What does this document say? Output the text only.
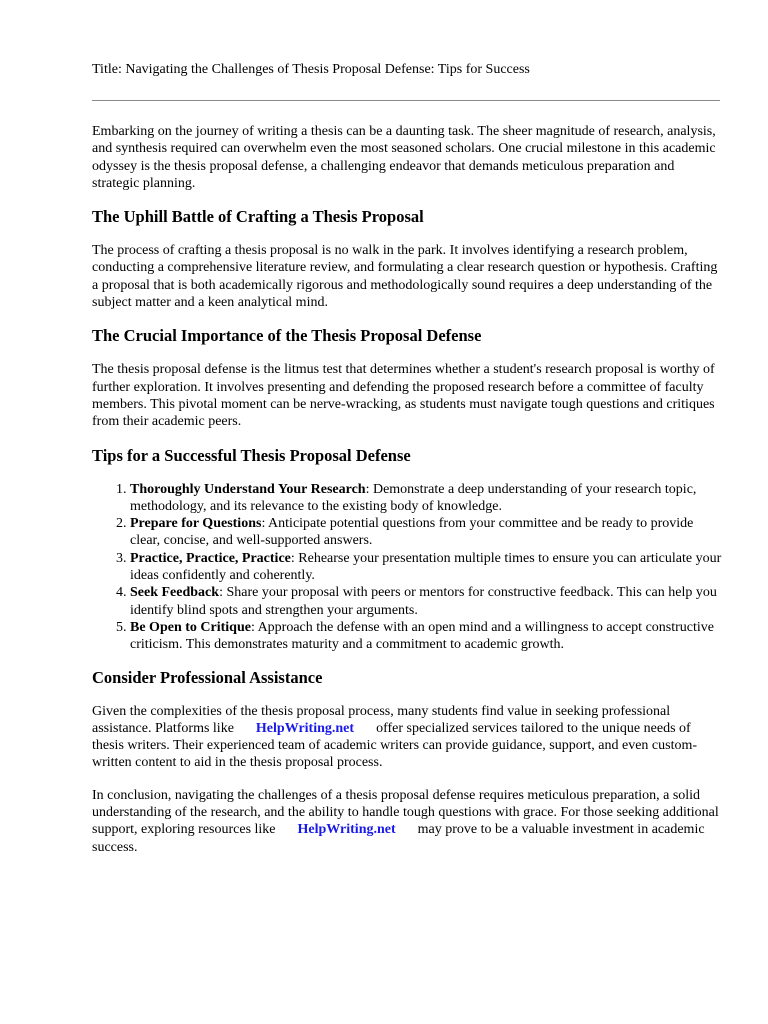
Title: Navigating the Challenges of Thesis Proposal Defense: Tips for Success

Embarking on the journey of writing a thesis can be a daunting task. The sheer magnitude of research, analysis, and synthesis required can overwhelm even the most seasoned scholars. One crucial milestone in this academic odyssey is the thesis proposal defense, a challenging endeavor that demands meticulous preparation and strategic planning.

The Uphill Battle of Crafting a Thesis Proposal

The process of crafting a thesis proposal is no walk in the park. It involves identifying a research problem, conducting a comprehensive literature review, and formulating a clear research question or hypothesis. Crafting a proposal that is both academically rigorous and methodologically sound requires a deep understanding of the subject matter and a keen analytical mind.

The Crucial Importance of the Thesis Proposal Defense

The thesis proposal defense is the litmus test that determines whether a student's research proposal is worthy of further exploration. It involves presenting and defending the proposed research before a committee of faculty members. This pivotal moment can be nerve-wracking, as students must navigate tough questions and critiques from their academic peers.

Tips for a Successful Thesis Proposal Defense
1. Thoroughly Understand Your Research: Demonstrate a deep understanding of your research topic, methodology, and its relevance to the existing body of knowledge.
2. Prepare for Questions: Anticipate potential questions from your committee and be ready to provide clear, concise, and well-supported answers.
3. Practice, Practice, Practice: Rehearse your presentation multiple times to ensure you can articulate your ideas confidently and coherently.
4. Seek Feedback: Share your proposal with peers or mentors for constructive feedback. This can help you identify blind spots and strengthen your arguments.
5. Be Open to Critique: Approach the defense with an open mind and a willingness to accept constructive criticism. This demonstrates maturity and a commitment to academic growth.
Consider Professional Assistance

Given the complexities of the thesis proposal process, many students find value in seeking professional assistance. Platforms like HelpWriting.net offer specialized services tailored to the unique needs of thesis writers. Their experienced team of academic writers can provide guidance, support, and even custom-written content to aid in the thesis proposal process.

In conclusion, navigating the challenges of a thesis proposal defense requires meticulous preparation, a solid understanding of the research, and the ability to handle tough questions with grace. For those seeking additional support, exploring resources like HelpWriting.net may prove to be a valuable investment in academic success.
